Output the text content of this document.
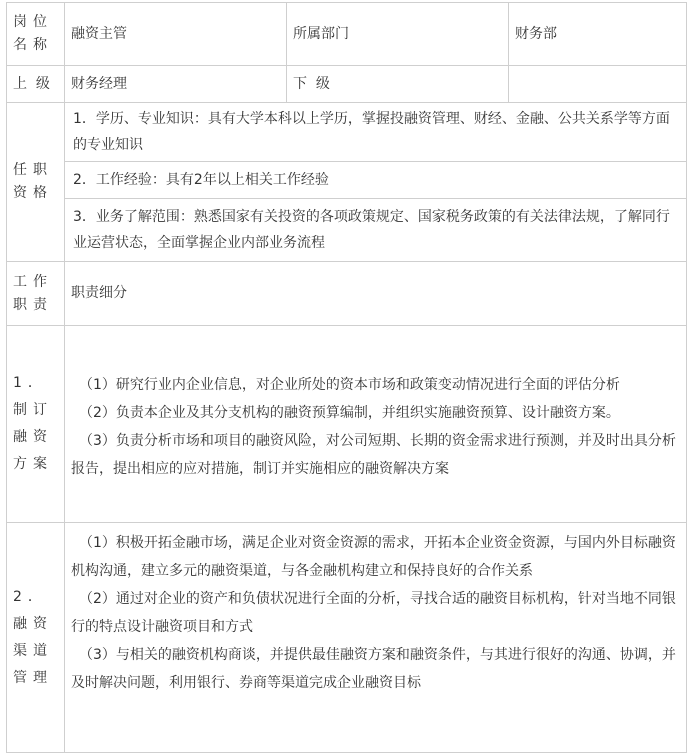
岗位名称	融资主管	所属部门	财务部
上  级	财务经理	下  级	
任职资格	1．学历、专业知识：具有大学本科以上学历，掌握投融资管理、财经、金融、公共关系学等方面的专业知识		
	2．工作经验：具有2年以上相关工作经验		
	3．业务了解范围：熟悉国家有关投资的各项政策规定、国家税务政策的有关法律法规，了解同行业运营状态，全面掌握企业内部业务流程		
工作职责	职责细分		
1．制订融资方案	（1）研究行业内企业信息，对企业所处的资本市场和政策变动情况进行全面的评估分析

（2）负责本企业及其分支机构的融资预算编制，并组织实施融资预算、设计融资方案。

（3）负责分析市场和项目的融资风险，对公司短期、长期的资金需求进行预测，并及时出具分析报告，提出相应的应对措施，制订并实施相应的融资解决方案		

2．融资渠道管理	（1）积极开拓金融市场，满足企业对资金资源的需求，开拓本企业资金资源，与国内外目标融资机构沟通，建立多元的融资渠道，与各金融机构建立和保持良好的合作关系

（2）通过对企业的资产和负债状况进行全面的分析，寻找合适的融资目标机构，针对当地不同银行的特点设计融资项目和方式

（3）与相关的融资机构商谈，并提供最佳融资方案和融资条件，与其进行很好的沟通、协调，并及时解决问题，利用银行、券商等渠道完成企业融资目标		
